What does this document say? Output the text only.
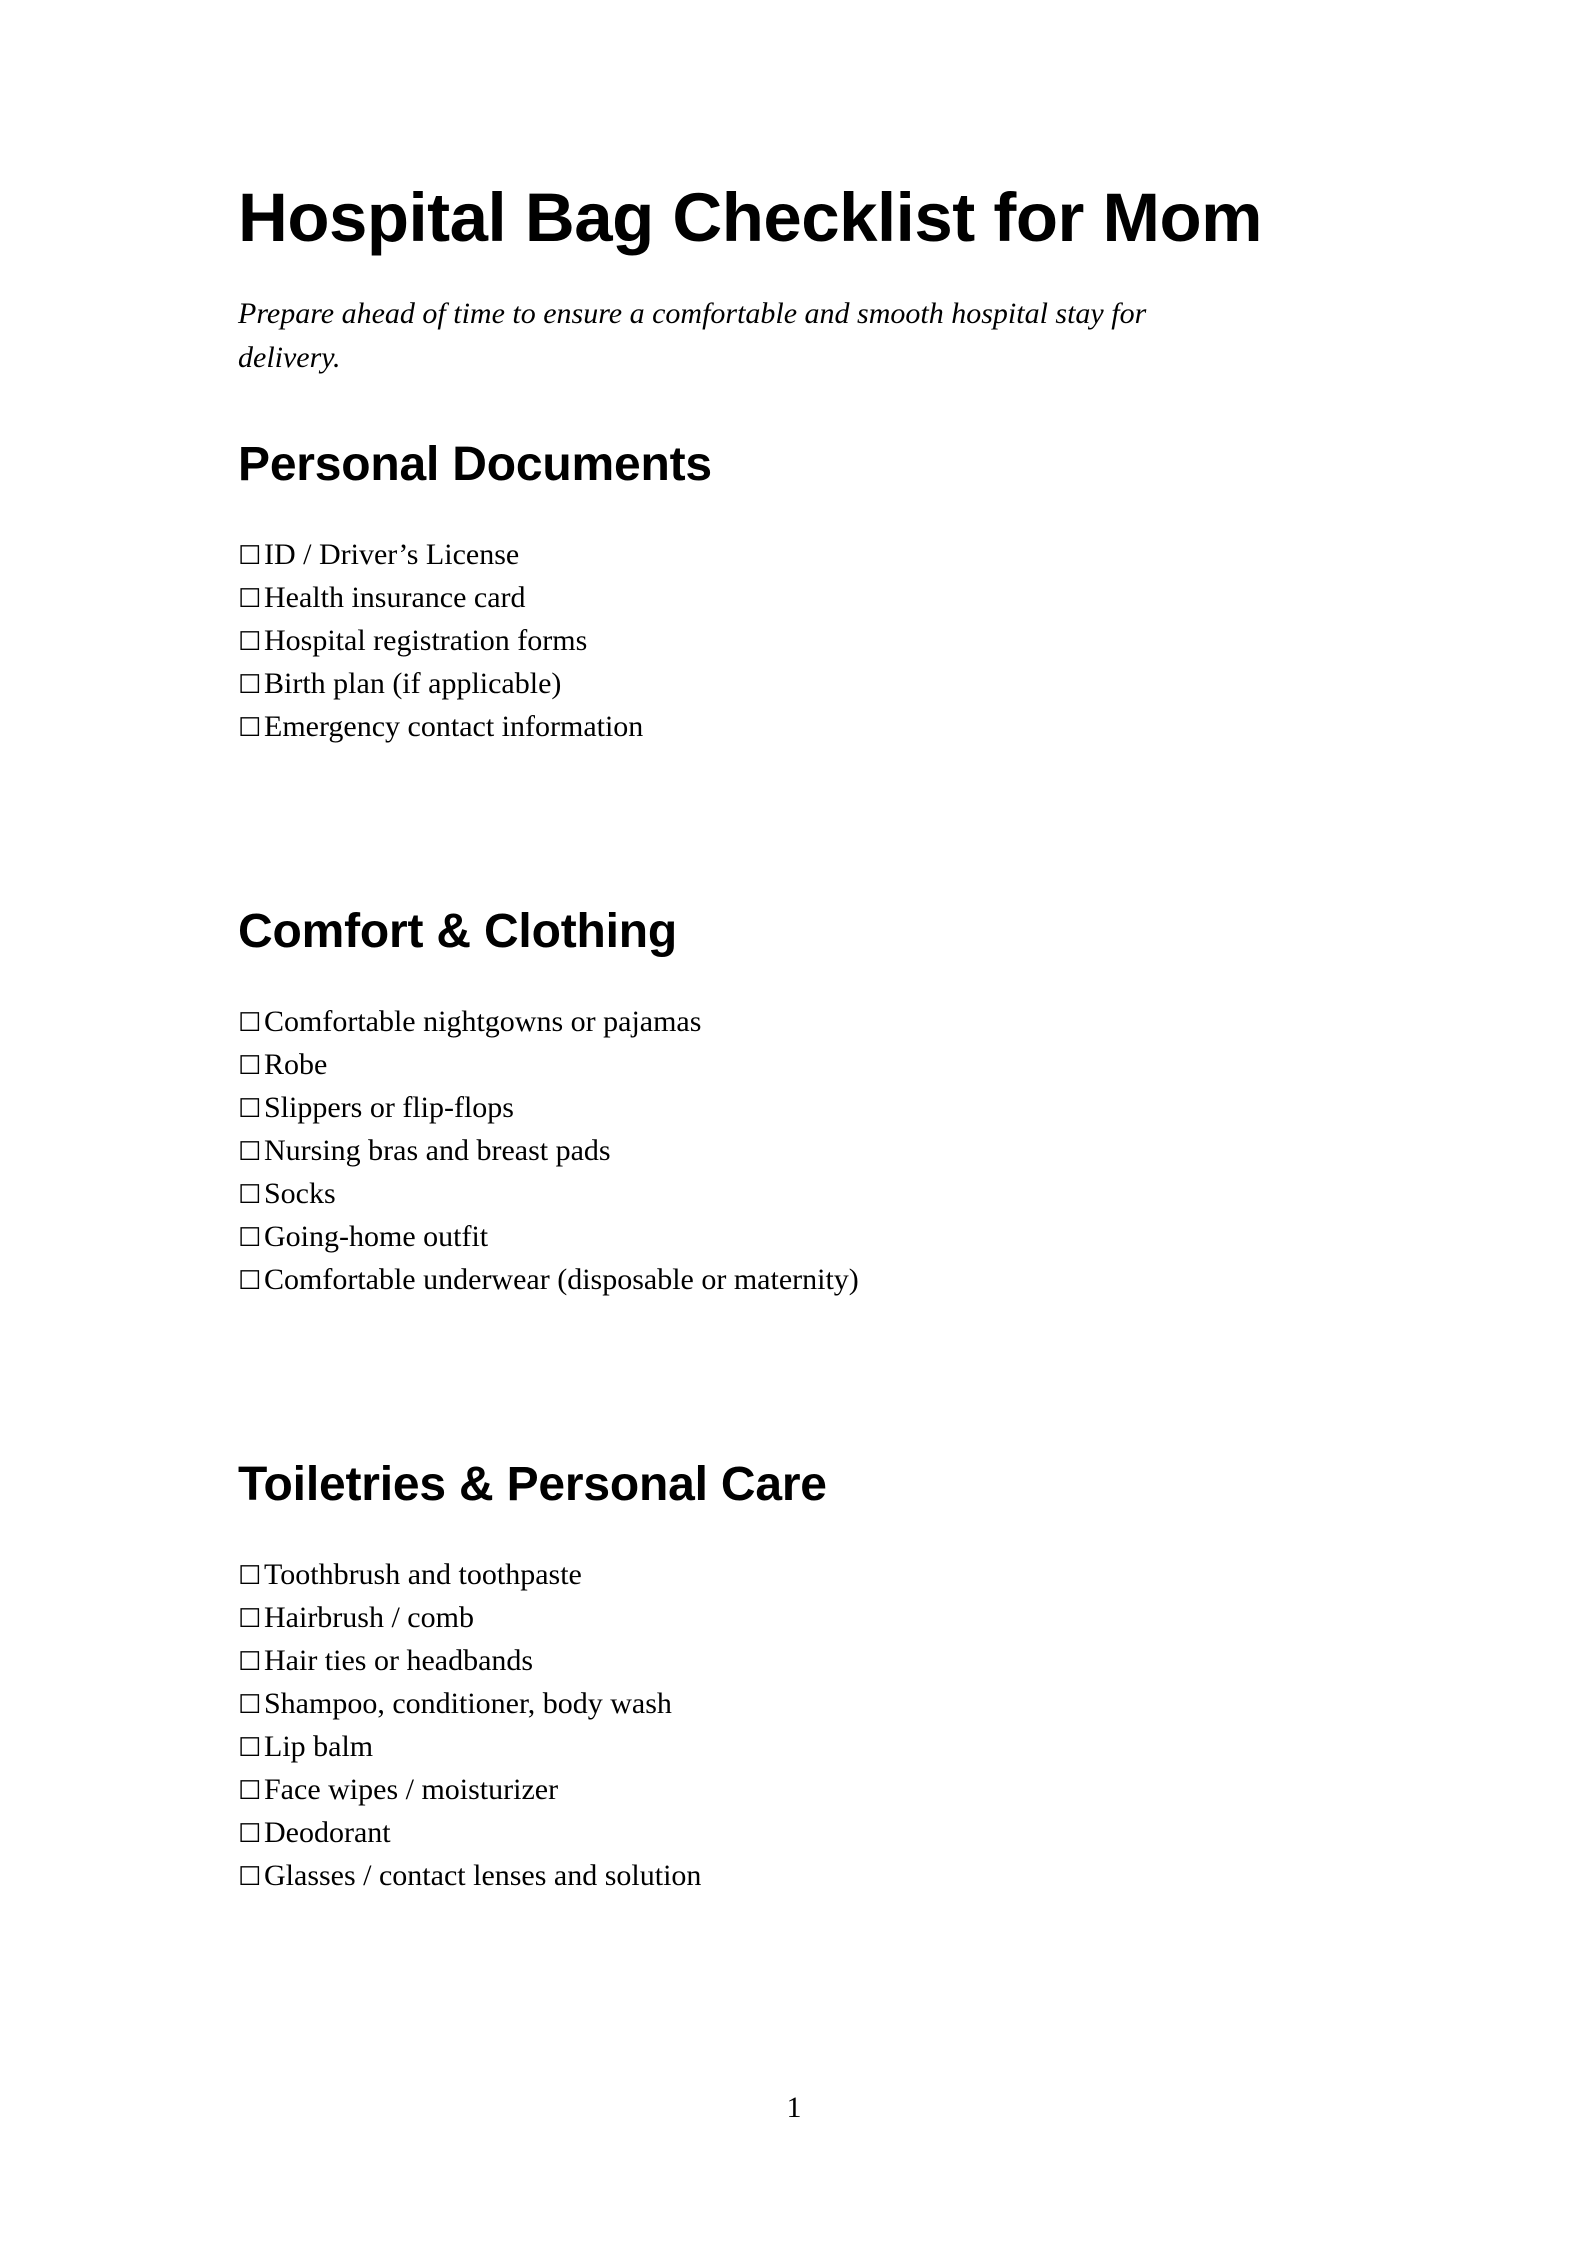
Hospital Bag Checklist for Mom

Prepare ahead of time to ensure a comfortable and smooth hospital stay for delivery.

Personal Documents
☐ID / Driver’s License
☐Health insurance card
☐Hospital registration forms
☐Birth plan (if applicable)
☐Emergency contact information
Comfort & Clothing
☐Comfortable nightgowns or pajamas
☐Robe
☐Slippers or flip-flops
☐Nursing bras and breast pads
☐Socks
☐Going-home outfit
☐Comfortable underwear (disposable or maternity)
Toiletries & Personal Care
☐Toothbrush and toothpaste
☐Hairbrush / comb
☐Hair ties or headbands
☐Shampoo, conditioner, body wash
☐Lip balm
☐Face wipes / moisturizer
☐Deodorant
☐Glasses / contact lenses and solution
1
